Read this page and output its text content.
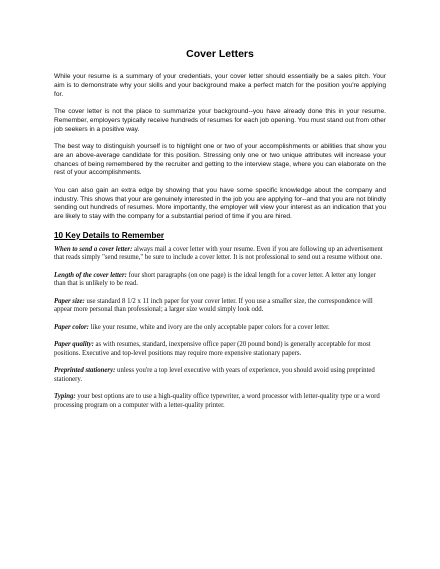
Cover Letters

While your resume is a summary of your credentials, your cover letter should essentially be a sales pitch. Your aim is to demonstrate why your skills and your background make a perfect match for the position you're applying for.

The cover letter is not the place to summarize your background--you have already done this in your resume. Remember, employers typically receive hundreds of resumes for each job opening. You must stand out from other job seekers in a positive way.

The best way to distinguish yourself is to highlight one or two of your accomplishments or abilities that show you are an above-average candidate for this position. Stressing only one or two unique attributes will increase your chances of being remembered by the recruiter and getting to the interview stage, where you can elaborate on the rest of your accomplishments.

You can also gain an extra edge by showing that you have some specific knowledge about the company and industry. This shows that your are genuinely interested in the job you are applying for--and that you are not blindly sending out hundreds of resumes. More importantly, the employer will view your interest as an indication that you are likely to stay with the company for a substantial period of time if you are hired.

10 Key Details to Remember

When to send a cover letter: always mail a cover letter with your resume. Even if you are following up an advertisement that reads simply "send resume," be sure to include a cover letter. It is not professional to send out a resume without one.

Length of the cover letter: four short paragraphs (on one page) is the ideal length for a cover letter. A letter any longer than that is unlikely to be read.

Paper size: use standard 8 1/2 x 11 inch paper for your cover letter. If you use a smaller size, the correspondence will appear more personal than professional; a larger size would simply look odd.

Paper color: like your resume, white and ivory are the only acceptable paper colors for a cover letter.

Paper quality: as with resumes, standard, inexpensive office paper (20 pound bond) is generally acceptable for most positions. Executive and top-level positions may require more expensive stationary papers.

Preprinted stationery: unless you're a top level executive with years of experience, you should avoid using preprinted stationery.

Typing: your best options are to use a high-quality office typewriter, a word processor with letter-quality type or a word processing program on a computer with a letter-quality printer.
